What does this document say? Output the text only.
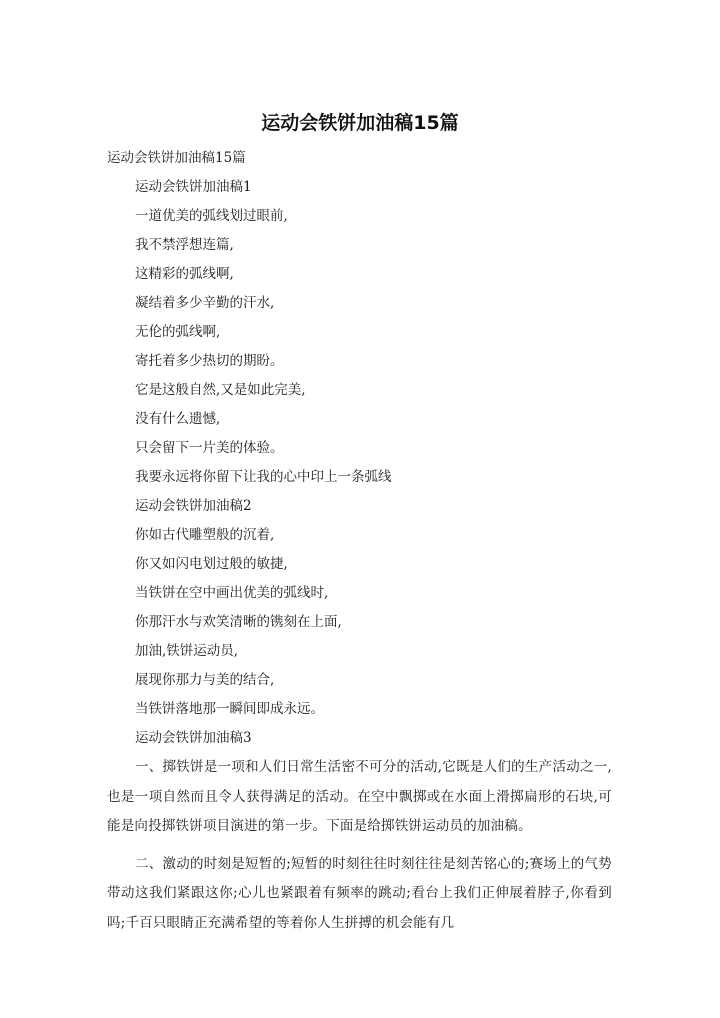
运动会铁饼加油稿15篇

运动会铁饼加油稿15篇

运动会铁饼加油稿1

一道优美的弧线划过眼前,

我不禁浮想连篇,

这精彩的弧线啊,

凝结着多少辛勤的汗水,

无伦的弧线啊,

寄托着多少热切的期盼。

它是这般自然,又是如此完美,

没有什么遗憾,

只会留下一片美的体验。

我要永远将你留下让我的心中印上一条弧线

运动会铁饼加油稿2

你如古代雕塑般的沉着,

你又如闪电划过般的敏捷,

当铁饼在空中画出优美的弧线时,

你那汗水与欢笑清晰的镌刻在上面,

加油,铁饼运动员,

展现你那力与美的结合,

当铁饼落地那一瞬间即成永远。

运动会铁饼加油稿3

一、掷铁饼是一项和人们日常生活密不可分的活动,它既是人们的生产活动之一,也是一项自然而且令人获得满足的活动。在空中飘掷或在水面上滑掷扁形的石块,可能是向投掷铁饼项目演进的第一步。下面是给掷铁饼运动员的加油稿。

二、激动的时刻是短暂的;短暂的时刻往往时刻往往是刻苦铭心的;赛场上的气势带动这我们紧跟这你;心儿也紧跟着有频率的跳动;看台上我们正伸展着脖子,你看到吗;千百只眼睛正充满希望的等着你人生拼搏的机会能有几
